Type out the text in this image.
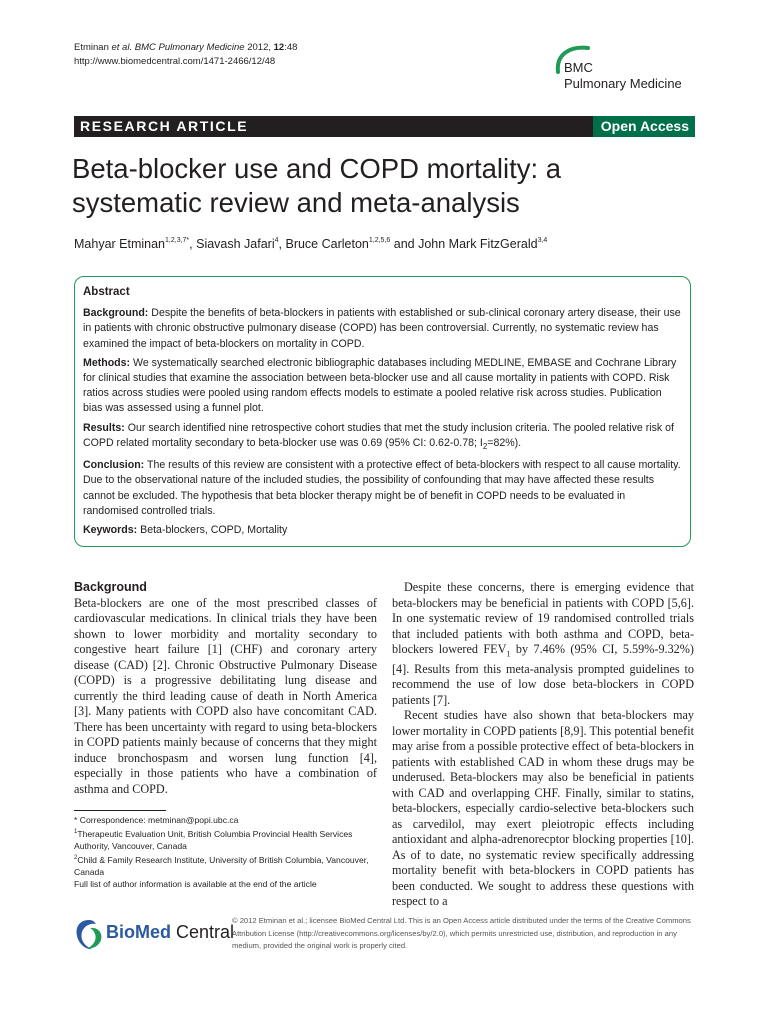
Etminan et al. BMC Pulmonary Medicine 2012, 12:48
http://www.biomedcentral.com/1471-2466/12/48	BMC
Pulmonary Medicine
RESEARCH ARTICLE	Open Access
Beta-blocker use and COPD mortality: a systematic review and meta-analysis
Mahyar Etminan$^{1,2,3,7*}$, Siavash Jafari$^4$, Bruce Carleton$^{1,2,5,6}$ and John Mark FitzGerald$^{3,4}$

Abstract

Background: Despite the benefits of beta-blockers in patients with established or sub-clinical coronary artery disease, their use in patients with chronic obstructive pulmonary disease (COPD) has been controversial. Currently, no systematic review has examined the impact of beta-blockers on mortality in COPD.

Methods: We systematically searched electronic bibliographic databases including MEDLINE, EMBASE and Cochrane Library for clinical studies that examine the association between beta-blocker use and all cause mortality in patients with COPD. Risk ratios across studies were pooled using random effects models to estimate a pooled relative risk across studies. Publication bias was assessed using a funnel plot.

Results: Our search identified nine retrospective cohort studies that met the study inclusion criteria. The pooled relative risk of COPD related mortality secondary to beta-blocker use was 0.69 (95% CI: 0.62-0.78; $I_2=82\%$).

Conclusion: The results of this review are consistent with a protective effect of beta-blockers with respect to all cause mortality. Due to the observational nature of the included studies, the possibility of confounding that may have affected these results cannot be excluded. The hypothesis that beta blocker therapy might be of benefit in COPD needs to be evaluated in randomised controlled trials.

Keywords: Beta-blockers, COPD, Mortality

Background

Beta-blockers are one of the most prescribed classes of cardiovascular medications. In clinical trials they have been shown to lower morbidity and mortality secondary to congestive heart failure [1] (CHF) and coronary artery disease (CAD) [2]. Chronic Obstructive Pulmonary Disease (COPD) is a progressive debilitating lung disease and currently the third leading cause of death in North America [3]. Many patients with COPD also have concomitant CAD. There has been uncertainty with regard to using beta-blockers in COPD patients mainly because of concerns that they might induce bronchospasm and worsen lung function [4], especially in those patients who have a combination of asthma and COPD.

Despite these concerns, there is emerging evidence that beta-blockers may be beneficial in patients with COPD [5,6]. In one systematic review of 19 randomised controlled trials that included patients with both asthma and COPD, beta-blockers lowered $FEV_1$ by 7.46% (95% CI, 5.59%-9.32%) [4]. Results from this meta-analysis prompted guidelines to recommend the use of low dose beta-blockers in COPD patients [7].

Recent studies have also shown that beta-blockers may lower mortality in COPD patients [8,9]. This potential benefit may arise from a possible protective effect of beta-blockers in patients with established CAD in whom these drugs may be underused. Beta-blockers may also be beneficial in patients with CAD and overlapping CHF. Finally, similar to statins, beta-blockers, especially cardio-selective beta-blockers such as carvedilol, may exert pleiotropic effects including antioxidant and alpha-adrenorecptor blocking properties [10]. As of to date, no systematic review specifically addressing mortality benefit with beta-blockers in COPD patients has been conducted. We sought to address these questions with respect to a

* Correspondence: metminan@popi.ubc.ca

$^1$Therapeutic Evaluation Unit, British Columbia Provincial Health Services Authority, Vancouver, Canada

$^2$Child & Family Research Institute, University of British Columbia, Vancouver, Canada

Full list of author information is available at the end of the article

BioMed Central
© 2012 Etminan et al.; licensee BioMed Central Ltd. This is an Open Access article distributed under the terms of the Creative Commons Attribution License (http://creativecommons.org/licenses/by/2.0), which permits unrestricted use, distribution, and reproduction in any medium, provided the original work is properly cited.
